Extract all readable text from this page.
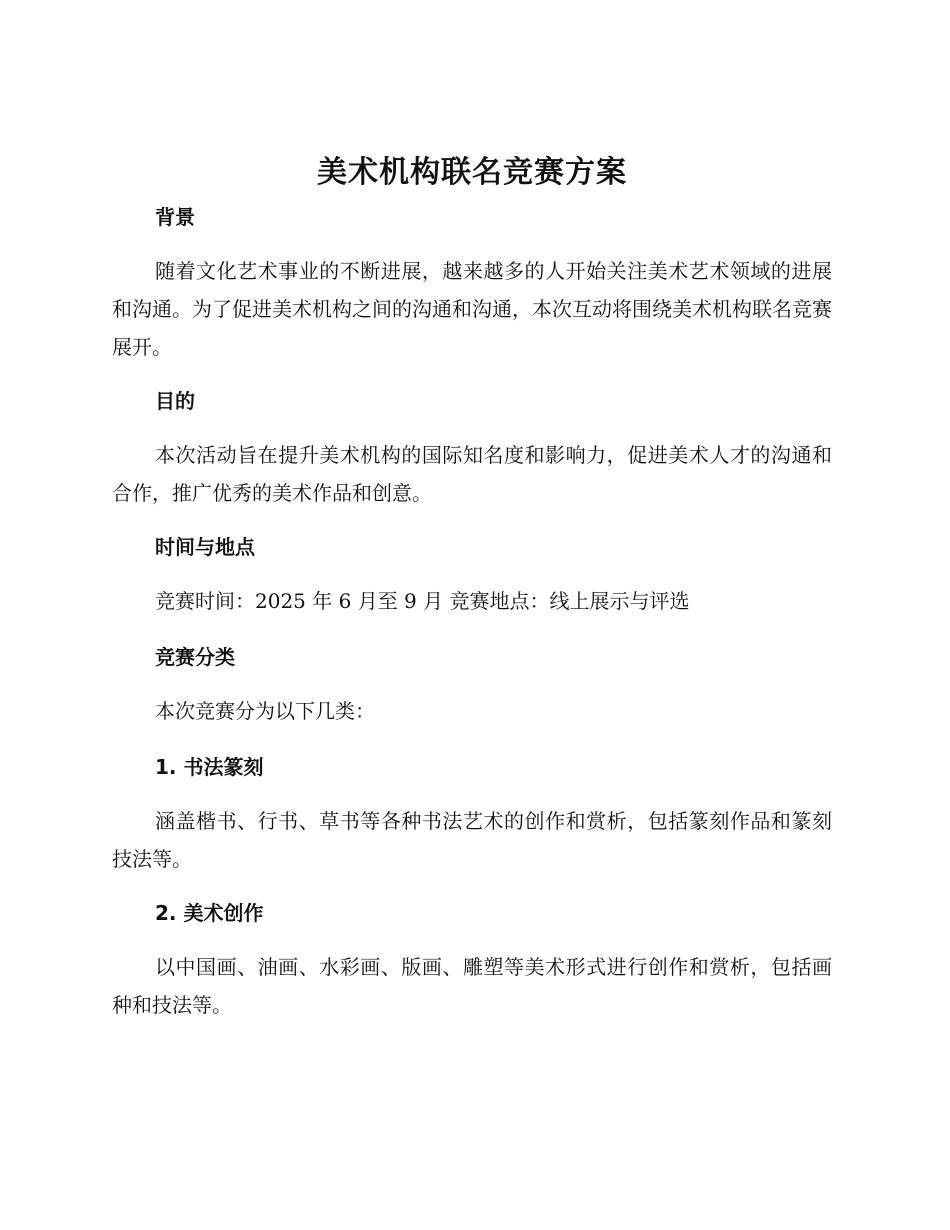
美术机构联名竞赛方案
背景

随着文化艺术事业的不断进展，越来越多的人开始关注美术艺术领域的进展和沟通。为了促进美术机构之间的沟通和沟通，本次互动将围绕美术机构联名竞赛展开。

目的

本次活动旨在提升美术机构的国际知名度和影响力，促进美术人才的沟通和合作，推广优秀的美术作品和创意。

时间与地点

竞赛时间：2025 年 6 月至 9 月 竞赛地点：线上展示与评选

竞赛分类

本次竞赛分为以下几类：

1. 书法篆刻

涵盖楷书、行书、草书等各种书法艺术的创作和赏析，包括篆刻作品和篆刻技法等。

2. 美术创作

以中国画、油画、水彩画、版画、雕塑等美术形式进行创作和赏析，包括画种和技法等。
